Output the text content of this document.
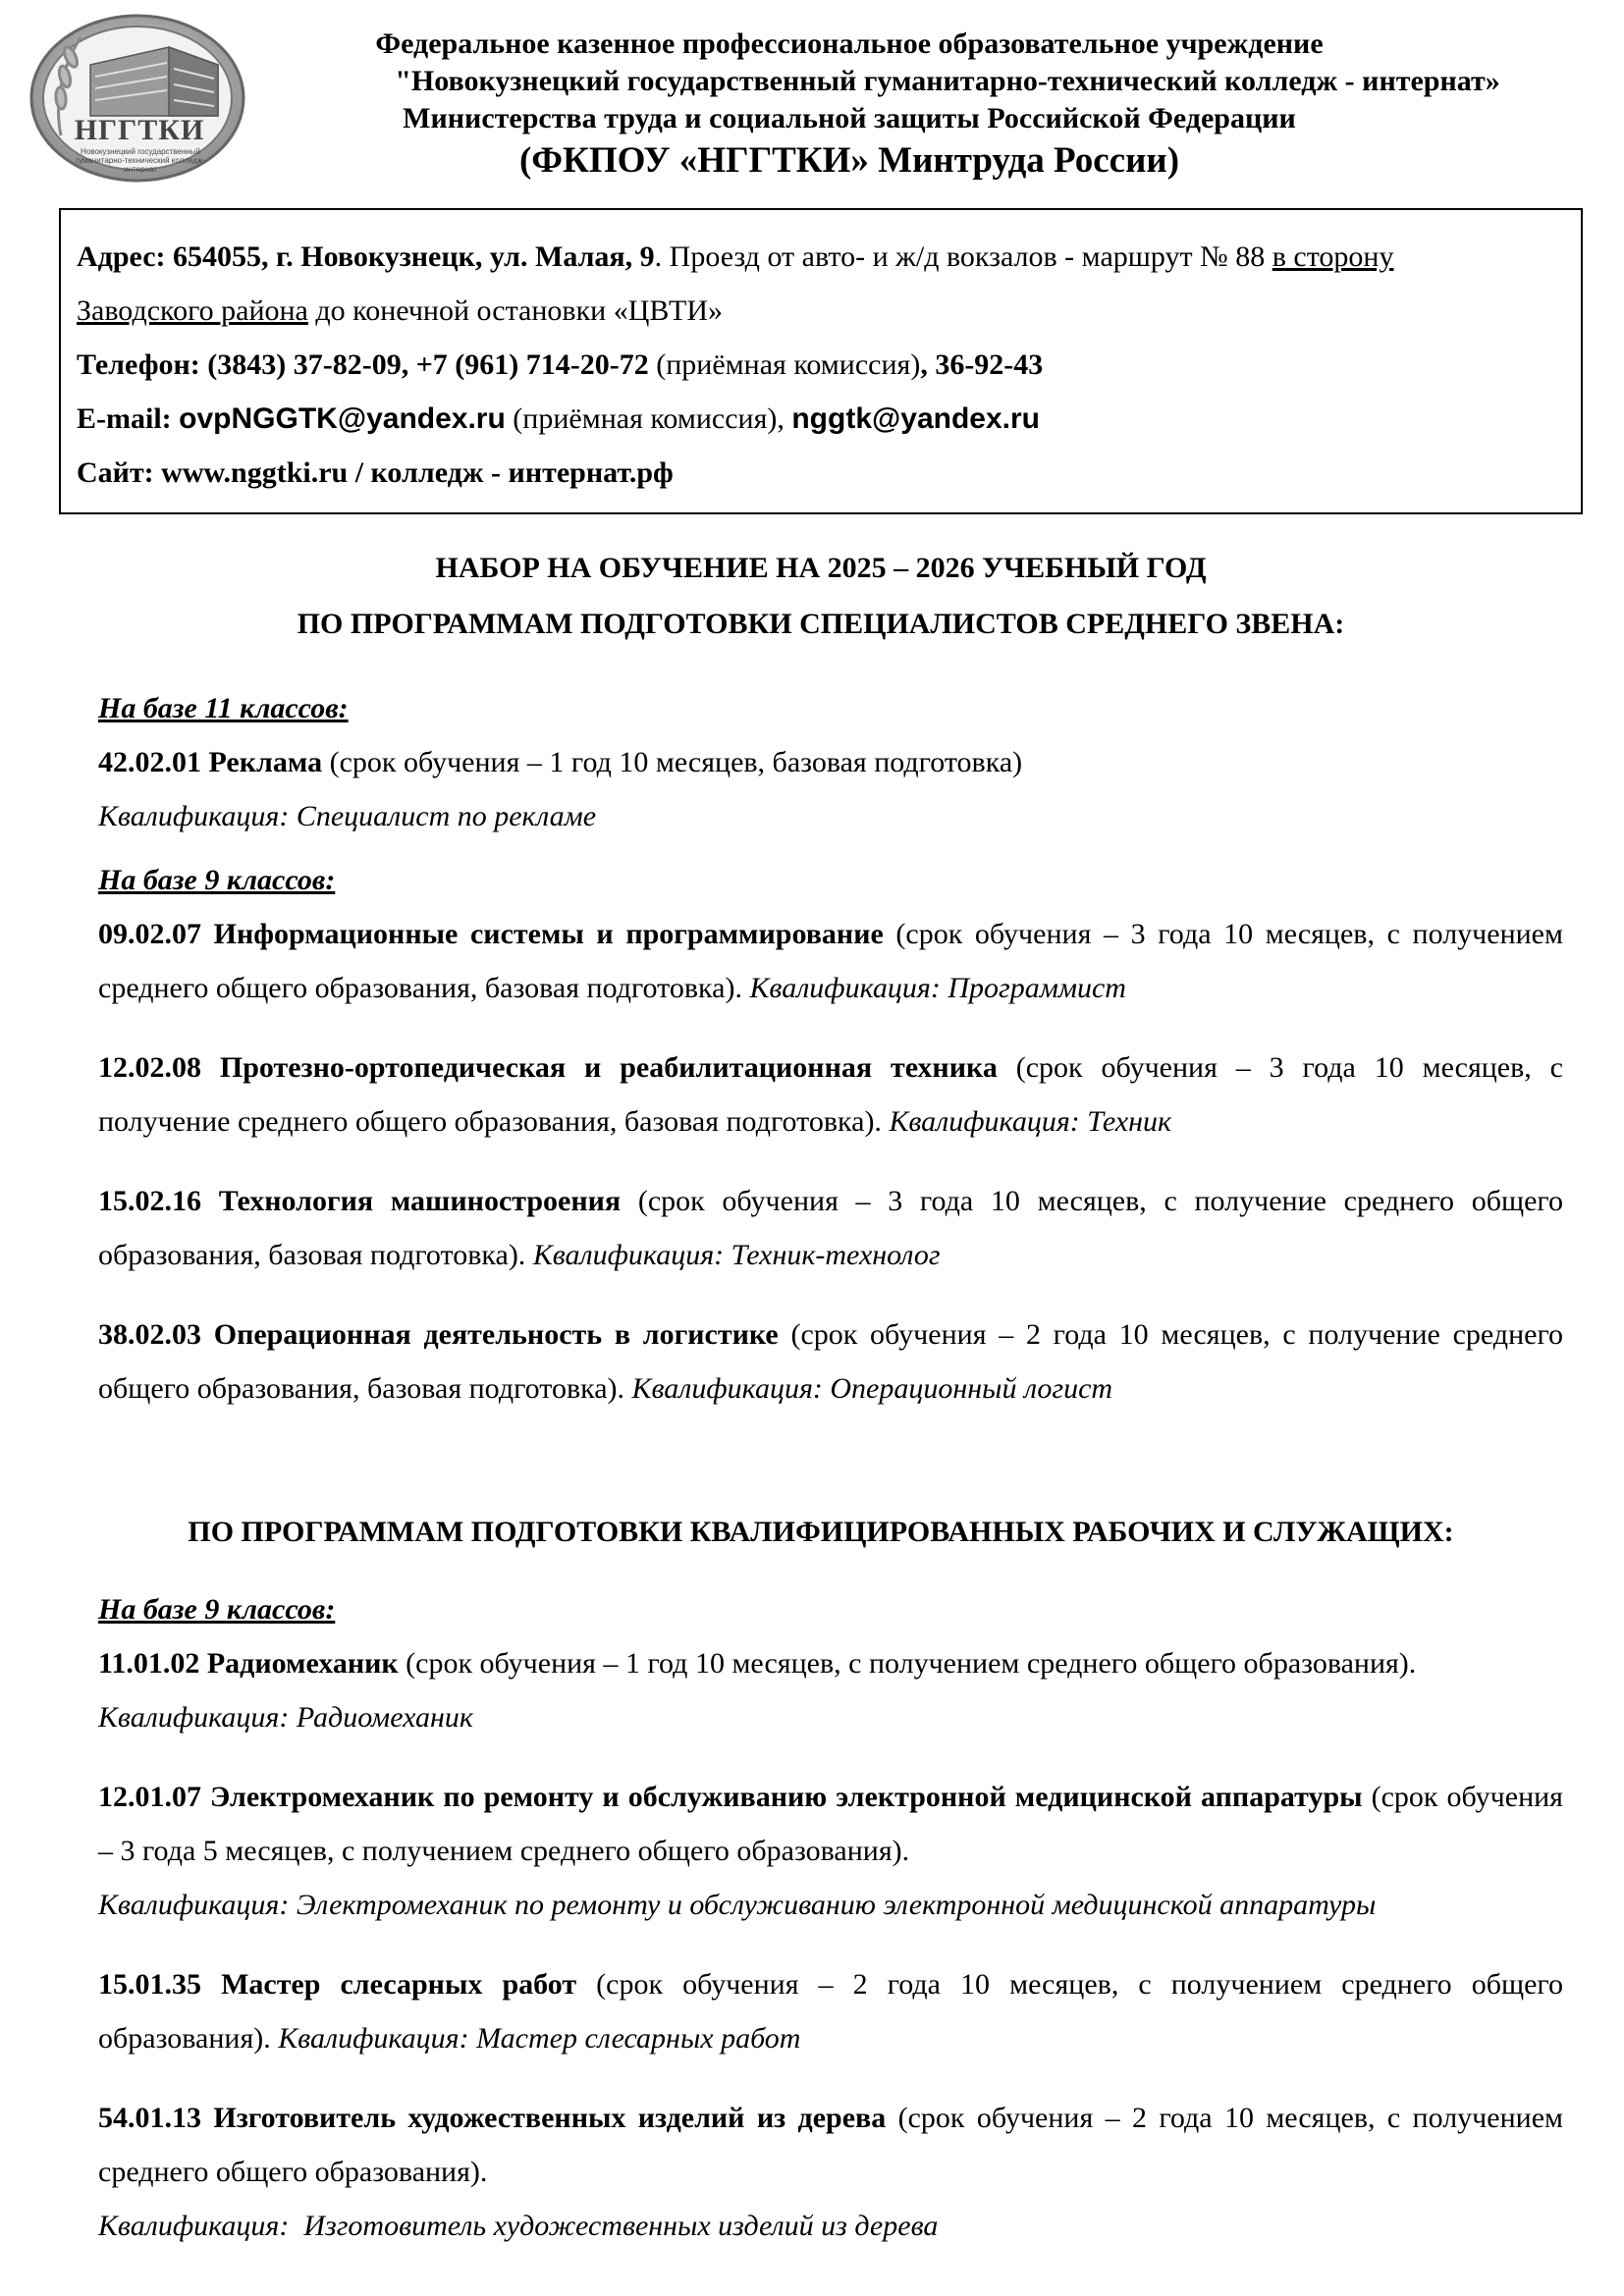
НГГТКИ
Новокузнецкий государственный гуманитарно-технический колледж-интернат
Федеральное казенное профессиональное образовательное учреждение
"Новокузнецкий государственный гуманитарно-технический колледж - интернат»
Министерства труда и социальной защиты Российской Федерации
(ФКПОУ «НГГТКИ» Минтруда России)

Адрес: 654055, г. Новокузнецк, ул. Малая, 9. Проезд от авто- и ж/д вокзалов - маршрут № 88 в сторону

Заводского района до конечной остановки «ЦВТИ»

Телефон: (3843) 37-82-09, +7 (961) 714-20-72 (приёмная комиссия), 36-92-43

E-mail: ovpNGGTK@yandex.ru (приёмная комиссия), nggtk@yandex.ru

Сайт: www.nggtki.ru / колледж - интернат.рф

НАБОР НА ОБУЧЕНИЕ НА 2025 – 2026 УЧЕБНЫЙ ГОД
ПО ПРОГРАММАМ ПОДГОТОВКИ СПЕЦИАЛИСТОВ СРЕДНЕГО ЗВЕНА:

На базе 11 классов:

42.02.01 Реклама (срок обучения – 1 год 10 месяцев, базовая подготовка)

Квалификация: Специалист по рекламе

На базе 9 классов:

09.02.07 Информационные системы и программирование (срок обучения – 3 года 10 месяцев, с получением среднего общего образования, базовая подготовка). Квалификация: Программист

12.02.08 Протезно-ортопедическая и реабилитационная техника (срок обучения – 3 года 10 месяцев, с получение среднего общего образования, базовая подготовка). Квалификация: Техник

15.02.16 Технология машиностроения (срок обучения – 3 года 10 месяцев, с получение среднего общего образования, базовая подготовка). Квалификация: Техник-технолог

38.02.03 Операционная деятельность в логистике (срок обучения – 2 года 10 месяцев, с получение среднего общего образования, базовая подготовка). Квалификация: Операционный логист

ПО ПРОГРАММАМ ПОДГОТОВКИ КВАЛИФИЦИРОВАННЫХ РАБОЧИХ И СЛУЖАЩИХ:

На базе 9 классов:

11.01.02 Радиомеханик (срок обучения – 1 год 10 месяцев, с получением среднего общего образования).

Квалификация: Радиомеханик

12.01.07 Электромеханик по ремонту и обслуживанию электронной медицинской аппаратуры (срок обучения – 3 года 5 месяцев, с получением среднего общего образования).

Квалификация: Электромеханик по ремонту и обслуживанию электронной медицинской аппаратуры

15.01.35 Мастер слесарных работ (срок обучения – 2 года 10 месяцев, с получением среднего общего образования). Квалификация: Мастер слесарных работ

54.01.13 Изготовитель художественных изделий из дерева (срок обучения – 2 года 10 месяцев, с получением среднего общего образования).

Квалификация:  Изготовитель художественных изделий из дерева
